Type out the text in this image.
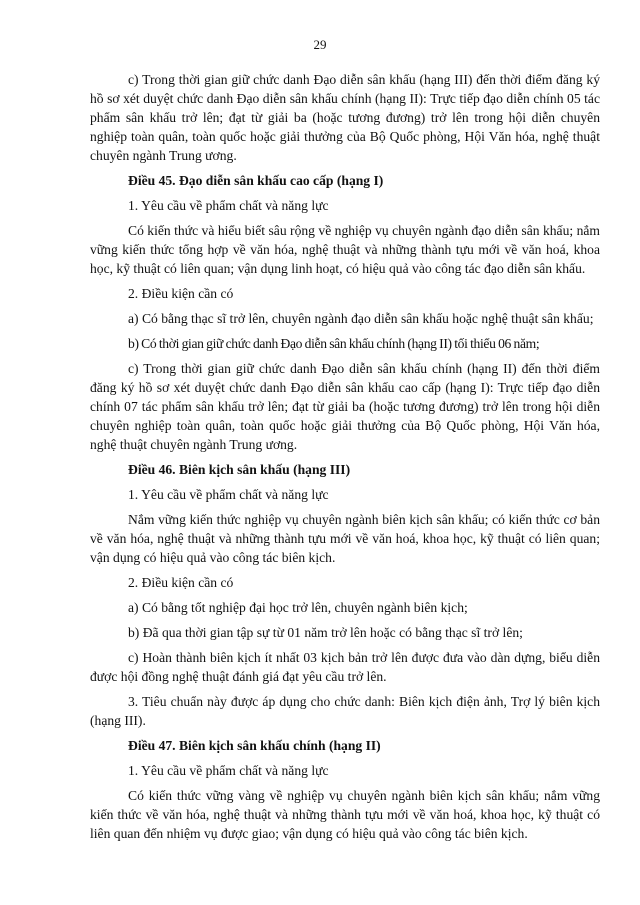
29

c) Trong thời gian giữ chức danh Đạo diễn sân khấu (hạng III) đến thời điểm đăng ký hồ sơ xét duyệt chức danh Đạo diễn sân khấu chính (hạng II): Trực tiếp đạo diễn chính 05 tác phẩm sân khấu trở lên; đạt từ giải ba (hoặc tương đương) trở lên trong hội diễn chuyên nghiệp toàn quân, toàn quốc hoặc giải thưởng của Bộ Quốc phòng, Hội Văn hóa, nghệ thuật chuyên ngành Trung ương.

Điều 45. Đạo diễn sân khấu cao cấp (hạng I)

1. Yêu cầu về phẩm chất và năng lực

Có kiến thức và hiểu biết sâu rộng về nghiệp vụ chuyên ngành đạo diễn sân khấu; nắm vững kiến thức tổng hợp về văn hóa, nghệ thuật và những thành tựu mới về văn hoá, khoa học, kỹ thuật có liên quan; vận dụng linh hoạt, có hiệu quả vào công tác đạo diễn sân khấu.

2. Điều kiện cần có

a) Có bằng thạc sĩ trở lên, chuyên ngành đạo diễn sân khấu hoặc nghệ thuật sân khấu;

b) Có thời gian giữ chức danh Đạo diễn sân khấu chính (hạng II) tối thiểu 06 năm;

c) Trong thời gian giữ chức danh Đạo diễn sân khấu chính (hạng II) đến thời điểm đăng ký hồ sơ xét duyệt chức danh Đạo diễn sân khấu cao cấp (hạng I): Trực tiếp đạo diễn chính 07 tác phẩm sân khấu trở lên; đạt từ giải ba (hoặc tương đương) trở lên trong hội diễn chuyên nghiệp toàn quân, toàn quốc hoặc giải thưởng của Bộ Quốc phòng, Hội Văn hóa, nghệ thuật chuyên ngành Trung ương.

Điều 46. Biên kịch sân khấu (hạng III)

1. Yêu cầu về phẩm chất và năng lực

Nắm vững kiến thức nghiệp vụ chuyên ngành biên kịch sân khấu; có kiến thức cơ bản về văn hóa, nghệ thuật và những thành tựu mới về văn hoá, khoa học, kỹ thuật có liên quan; vận dụng có hiệu quả vào công tác biên kịch.

2. Điều kiện cần có

a) Có bằng tốt nghiệp đại học trở lên, chuyên ngành biên kịch;

b) Đã qua thời gian tập sự từ 01 năm trở lên hoặc có bằng thạc sĩ trở lên;

c) Hoàn thành biên kịch ít nhất 03 kịch bản trở lên được đưa vào dàn dựng, biểu diễn được hội đồng nghệ thuật đánh giá đạt yêu cầu trở lên.

3. Tiêu chuẩn này được áp dụng cho chức danh: Biên kịch điện ảnh, Trợ lý biên kịch (hạng III).

Điều 47. Biên kịch sân khấu chính (hạng II)

1. Yêu cầu về phẩm chất và năng lực

Có kiến thức vững vàng về nghiệp vụ chuyên ngành biên kịch sân khấu; nắm vững kiến thức về văn hóa, nghệ thuật và những thành tựu mới về văn hoá, khoa học, kỹ thuật có liên quan đến nhiệm vụ được giao; vận dụng có hiệu quả vào công tác biên kịch.
